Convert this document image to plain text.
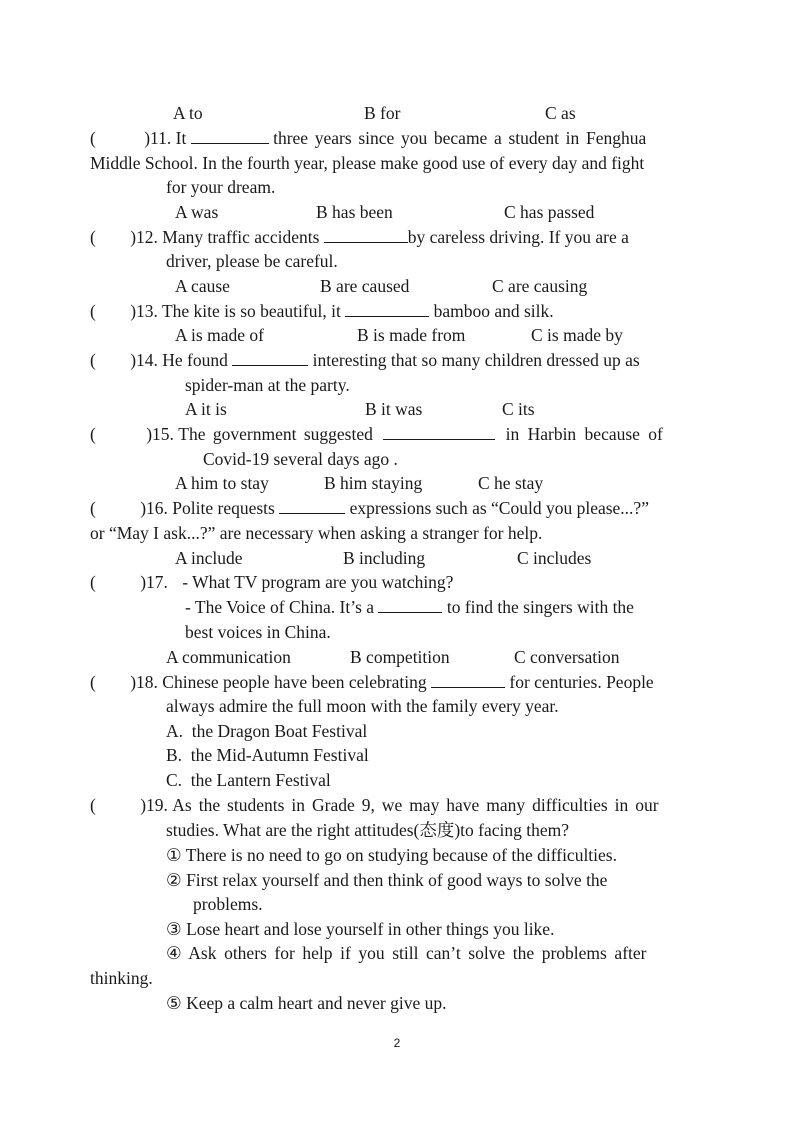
A to	B for	C as
(	)11. It	three years since you became a student in Fenghua
Middle School. In the fourth year, please make good use of every day and fight
for your dream.
A was	B has been	C has passed
( )12. Many traffic accidents	by careless driving. If you are a
driver, please be careful.
A cause	B are caused	C are causing
( )13. The kite is so beautiful, it	bamboo and silk.
A is made of	B is made from	C is made by
( )14. He found	interesting that so many children dressed up as
spider-man at the party.
A it is	B it was	C its
(	)15. The government suggested	in Harbin because of
Covid-19 several days ago .
A him to stay	B him staying	C he stay
(	)16. Polite requests	expressions such as “Could you please...?”
or “May I ask...?” are necessary when asking a stranger for help.
A include	B including	C includes
(	)17. - What TV program are you watching?
- The Voice of China. It’s a	to find the singers with the
best voices in China.
A communication	B competition	C conversation
( )18. Chinese people have been celebrating	for centuries. People
always admire the full moon with the family every year.
A.  the Dragon Boat Festival
B.  the Mid-Autumn Festival
C.  the Lantern Festival
(	)19. As the students in Grade 9, we may have many difficulties in our
studies. What are the right attitudes(态度)to facing them?
① There is no need to go on studying because of the difficulties.
② First relax yourself and then think of good ways to solve the
problems.
③ Lose heart and lose yourself in other things you like.
④ Ask others for help if you still can’t solve the problems after
thinking.
⑤ Keep a calm heart and never give up.
2
